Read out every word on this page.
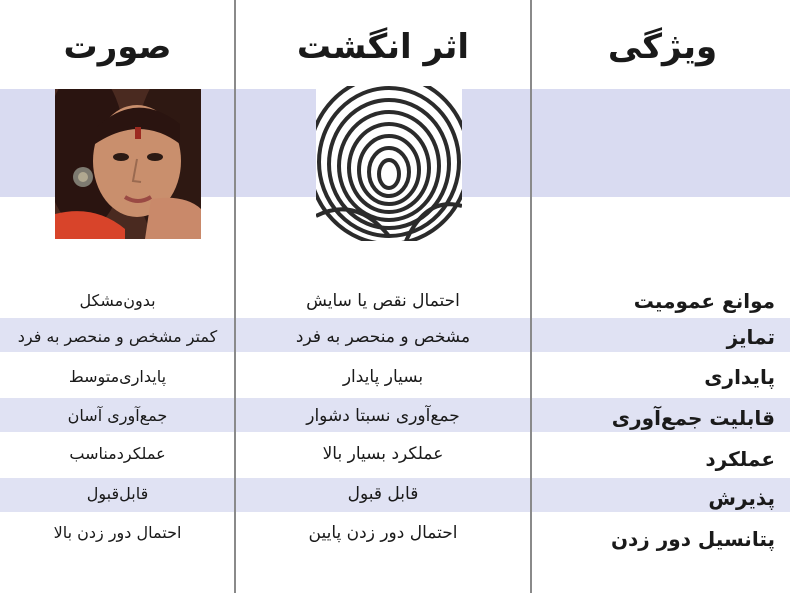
ویژگی
اثر انگشت
صورت
موانع عمومیت
احتمال نقص یا سایش
بدون‌مشکل
تمایز
مشخص و منحصر به فرد
کمتر مشخص و منحصر به فرد
پایداری
بسیار پایدار
پایداری‌متوسط
قابلیت جمع‌آوری
جمع‌آوری نسبتا دشوار
جمع‌آوری آسان
عملکرد
عملکرد بسیار بالا
عملکرد‌مناسب
پذیرش
قابل قبول
قابل‌قبول
پتانسیل دور زدن
احتمال دور زدن پایین
احتمال دور زدن بالا
